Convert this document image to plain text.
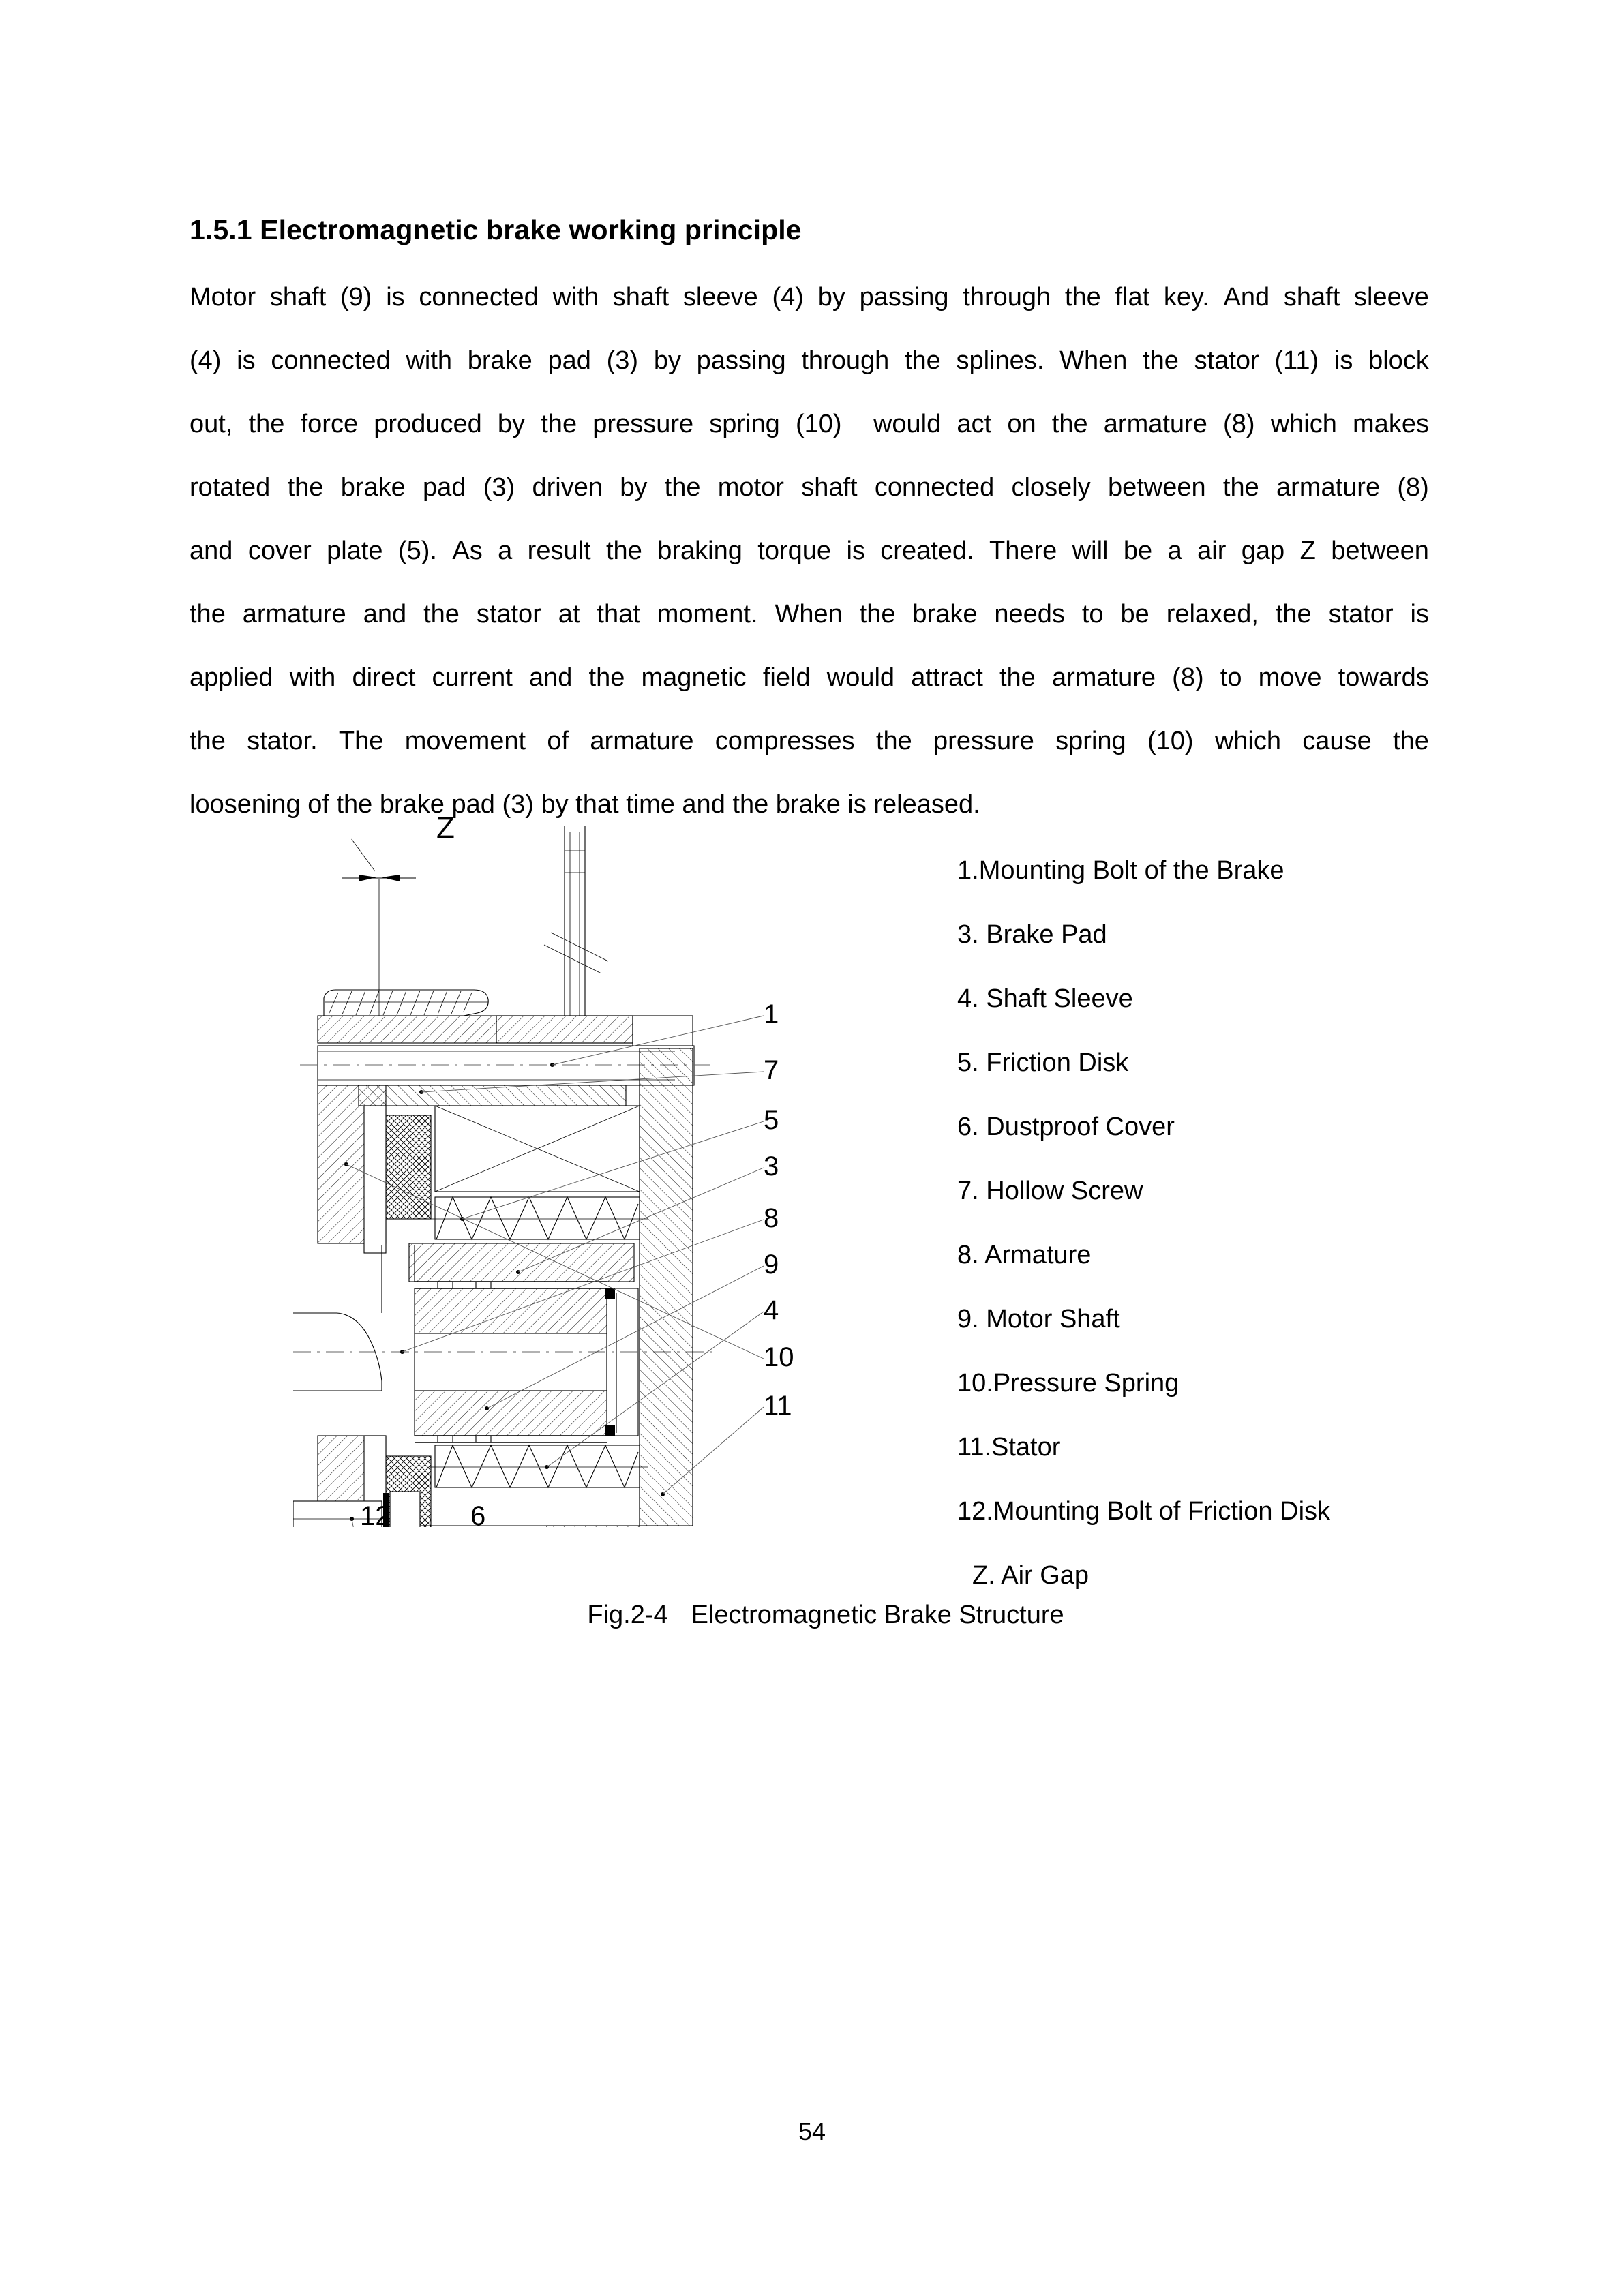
1.5.1 Electromagnetic brake working principle
Motor shaft (9) is connected with shaft sleeve (4) by passing through the flat key. And shaft sleeve
(4) is connected with brake pad (3) by passing through the splines. When the stator (11) is block
out, the force produced by the pressure spring (10) would act on the armature (8) which makes
rotated the brake pad (3) driven by the motor shaft connected closely between the armature (8)
and cover plate (5). As a result the braking torque is created. There will be a air gap Z between
the armature and the stator at that moment. When the brake needs to be relaxed, the stator is
applied with direct current and the magnetic field would attract the armature (8) to move towards
the stator. The movement of armature compresses the pressure spring (10) which cause the
loosening of the brake pad (3) by that time and the brake is released.
Z
1
7
5
3
8
9
4
10
11
12	6
1.Mounting Bolt of the Brake
3. Brake Pad
4. Shaft Sleeve
5. Friction Disk
6. Dustproof Cover
7. Hollow Screw
8. Armature
9. Motor Shaft
10.Pressure Spring
11.Stator
12.Mounting Bolt of Friction Disk
Z. Air Gap
Fig.2-4 Electromagnetic Brake Structure
54
